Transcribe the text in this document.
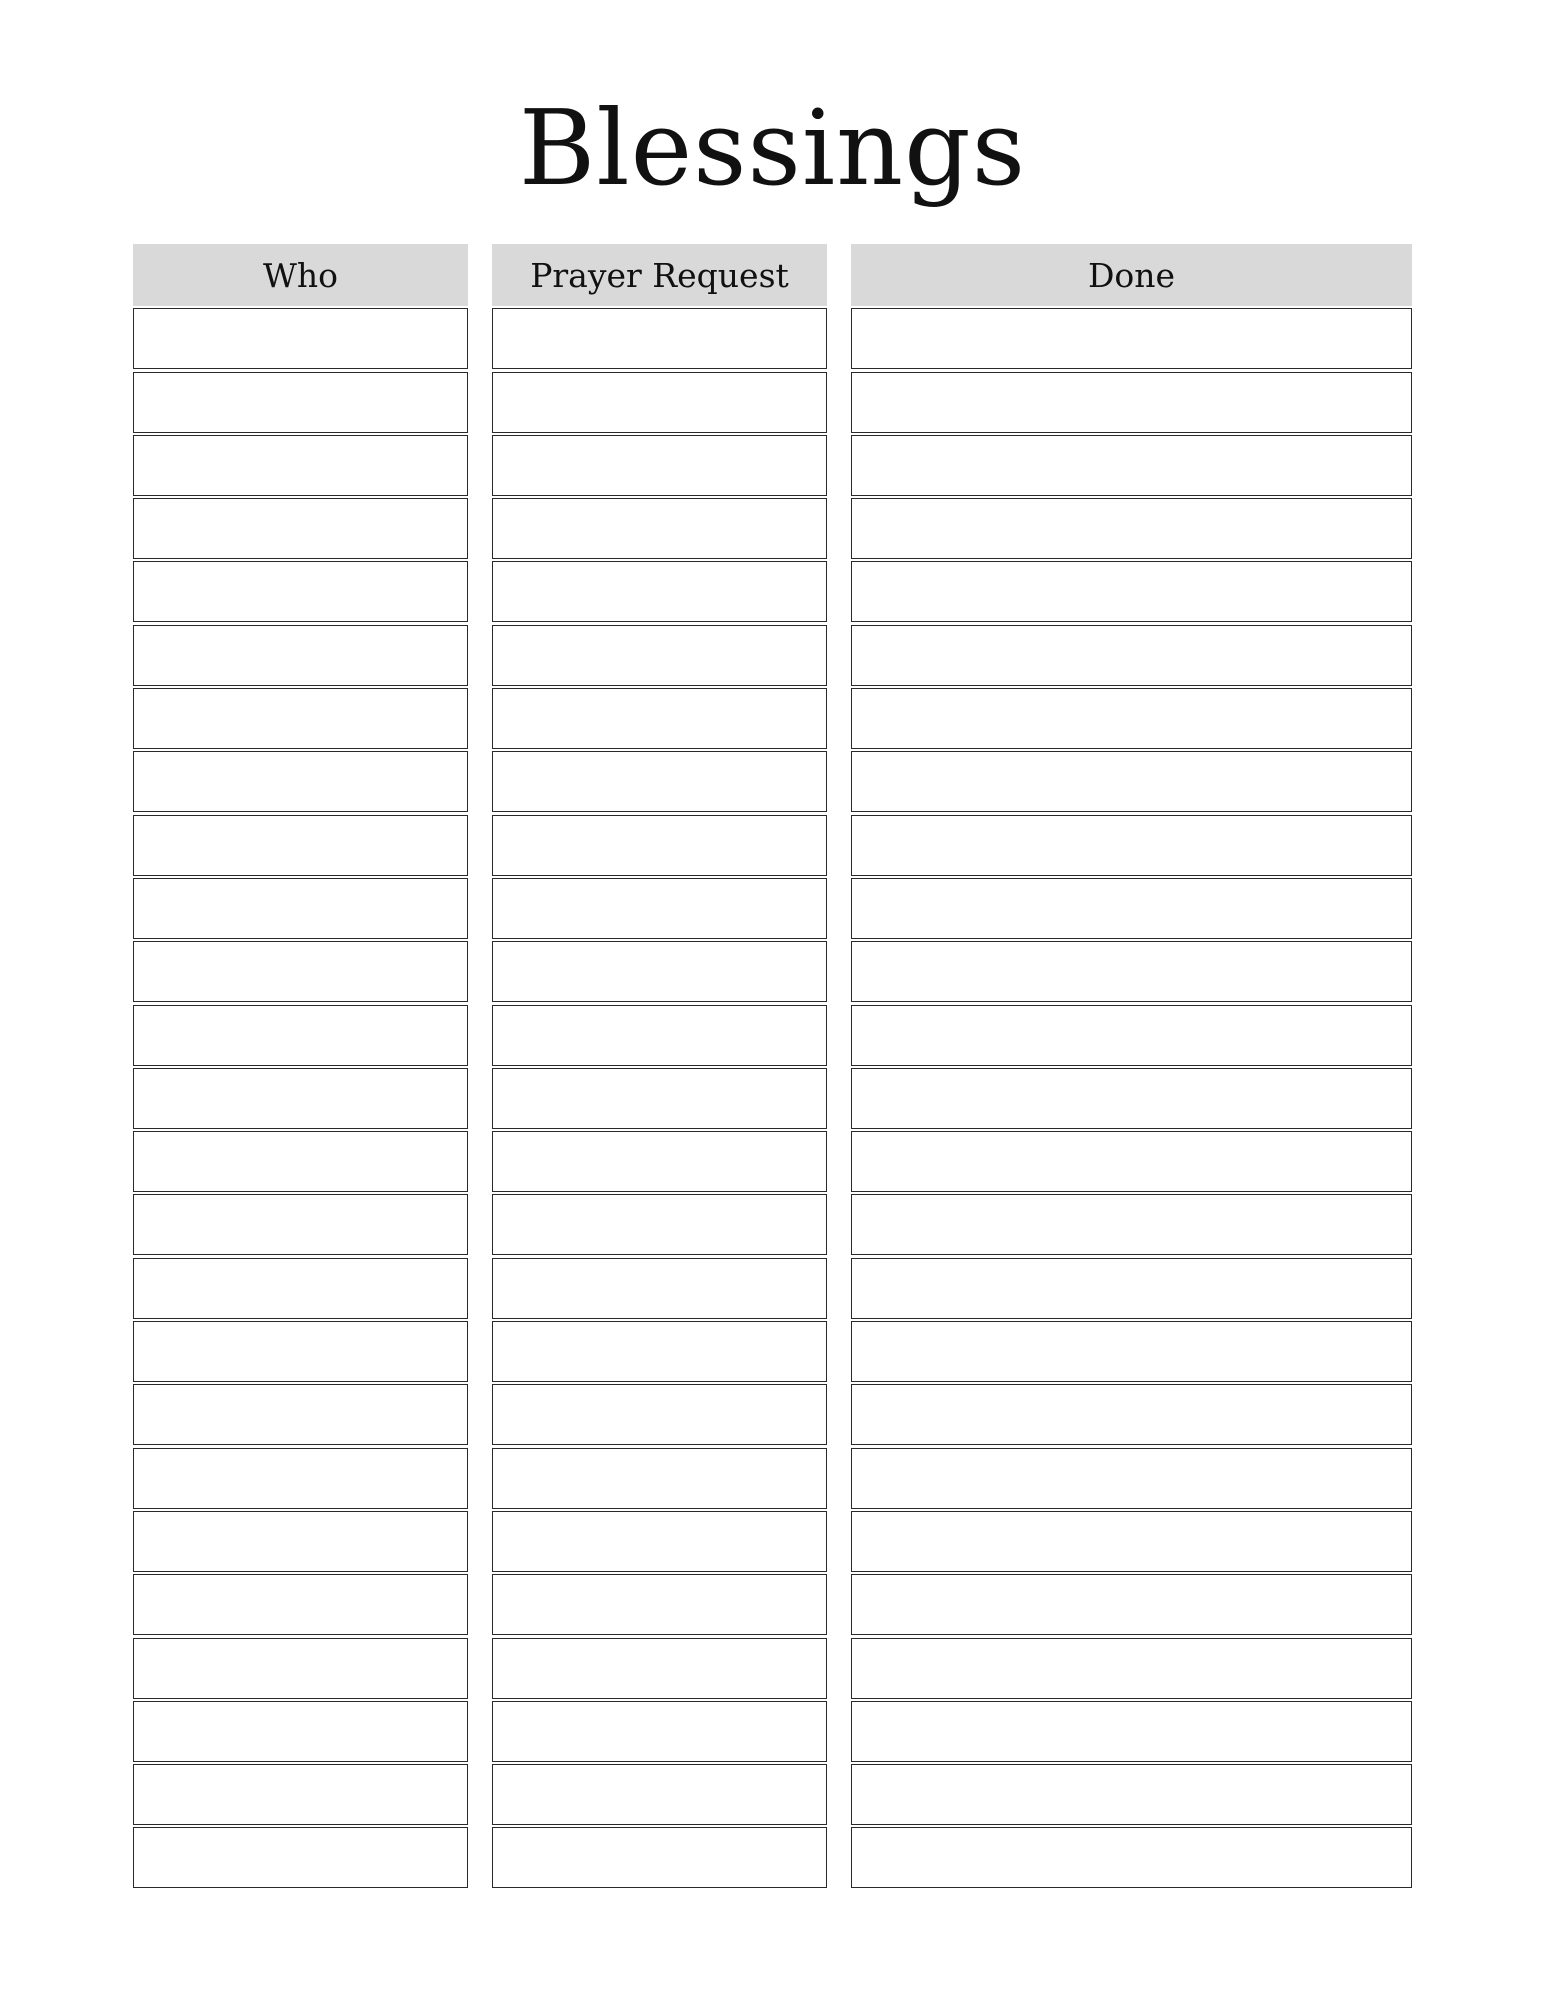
Blessings
Who	Prayer Request	Done
